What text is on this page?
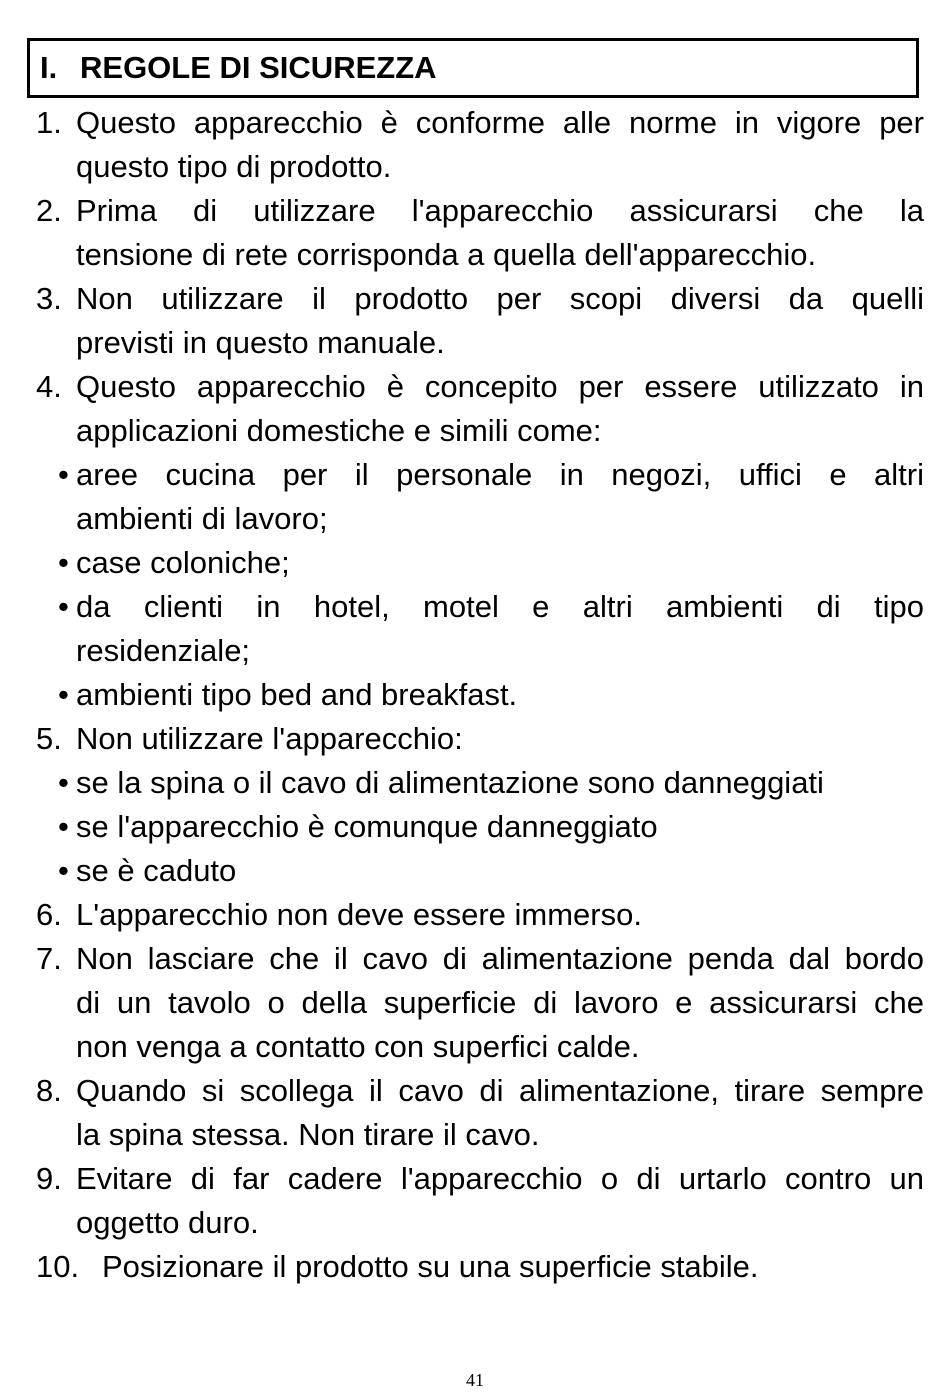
I. REGOLE DI SICUREZZA
1. Questo apparecchio è conforme alle norme in vigore per
questo tipo di prodotto.
2. Prima di utilizzare l'apparecchio assicurarsi che la
tensione di rete corrisponda a quella dell'apparecchio.
3. Non utilizzare il prodotto per scopi diversi da quelli
previsti in questo manuale.
4. Questo apparecchio è concepito per essere utilizzato in
applicazioni domestiche e simili come:
• aree cucina per il personale in negozi, uffici e altri
ambienti di lavoro;
• case coloniche;
• da clienti in hotel, motel e altri ambienti di tipo
residenziale;
• ambienti tipo bed and breakfast.
5. Non utilizzare l'apparecchio:
• se la spina o il cavo di alimentazione sono danneggiati
• se l'apparecchio è comunque danneggiato
• se è caduto
6. L'apparecchio non deve essere immerso.
7. Non lasciare che il cavo di alimentazione penda dal bordo
di un tavolo o della superficie di lavoro e assicurarsi che
non venga a contatto con superfici calde.
8. Quando si scollega il cavo di alimentazione, tirare sempre
la spina stessa. Non tirare il cavo.
9. Evitare di far cadere l'apparecchio o di urtarlo contro un
oggetto duro.
10. Posizionare il prodotto su una superficie stabile.
41
